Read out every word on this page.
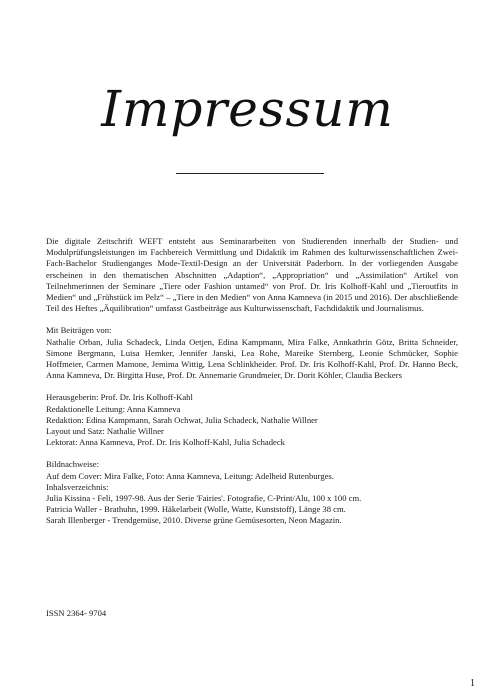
Impressum

Die digitale Zeitschrift WEFT entsteht aus Seminararbeiten von Studierenden innerhalb der Studien- und Modulprüfungsleistungen im Fachbereich Vermittlung und Didaktik im Rahmen des kulturwissenschaftlichen Zwei-Fach-Bachelor Studienganges Mode-Textil-Design an der Universität Paderborn. In der vorliegenden Ausgabe erscheinen in den thematischen Abschnitten „Adaption“, „Appropriation“ und „Assimilation“ Artikel von Teilnehmerinnen der Seminare „Tiere oder Fashion untamed“ von Prof. Dr. Iris Kolhoff-Kahl und „Tieroutfits in Medien“ und „Frühstück im Pelz“ – „Tiere in den Medien“ von Anna Kamneva (in 2015 und 2016). Der abschließende Teil des Heftes „Äquilibration“ umfasst Gastbeiträge aus Kulturwissenschaft, Fachdidaktik und Journalismus.

Mit Beiträgen von:

Nathalie Orban, Julia Schadeck, Linda Oetjen, Edina Kampmann, Mira Falke, Annkathrin Götz, Britta Schneider, Simone Bergmann, Luisa Hemker, Jennifer Janski, Lea Rohe, Mareike Sternberg, Leonie Schmücker, Sophie Hoffmeier, Carmen Mamone, Jemima Wittig, Lena Schlinkheider. Prof. Dr. Iris Kolhoff-Kahl, Prof. Dr. Hanno Beck, Anna Kamneva, Dr. Birgitta Huse, Prof. Dr. Annemarie Grundmeier, Dr. Dorit Köhler, Claudia Beckers

Herausgeberin: Prof. Dr. Iris Kolhoff-Kahl
Redaktionelle Leitung: Anna Kamneva
Redaktion: Edina Kampmann, Sarah Ochwat, Julia Schadeck, Nathalie Willner
Layout und Satz: Nathalie Willner
Lektorat: Anna Kamneva, Prof. Dr. Iris Kolhoff-Kahl, Julia Schadeck
Bildnachweise:
Auf dem Cover: Mira Falke, Foto: Anna Kamneva, Leitung: Adelheid Rutenburges.
Inhalsverzeichnis:
Julia Kissina - Feli, 1997-98. Aus der Serie 'Fairies'. Fotografie, C-Print/Alu, 100 x 100 cm.
Patricia Waller - Brathuhn, 1999. Häkelarbeit (Wolle, Watte, Kunststoff), Länge 38 cm.
Sarah Illenberger - Trendgemüse, 2010. Diverse grüne Gemüsesorten, Neon Magazin.
ISSN 2364- 9704
1
